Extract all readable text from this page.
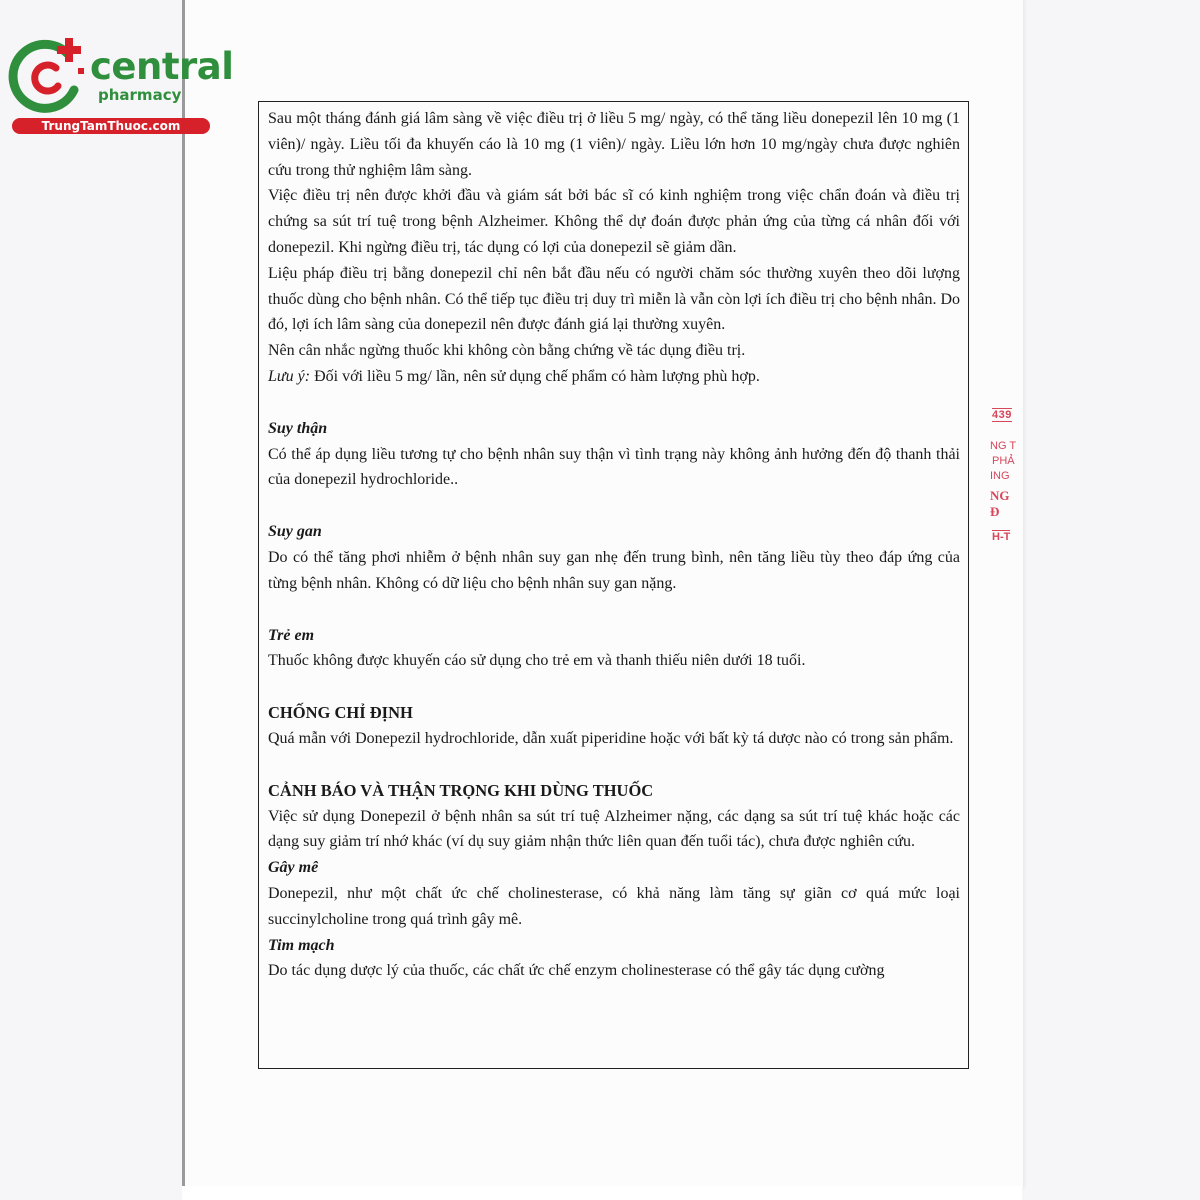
central
pharmacy
TrungTamThuoc.com	Sau một tháng đánh giá lâm sàng về việc điều trị ở liều 5 mg/ ngày, có thể tăng liều donepezil lên 10 mg (1 viên)/ ngày. Liều tối đa khuyến cáo là 10 mg (1 viên)/ ngày. Liều lớn hơn 10 mg/ngày chưa được nghiên cứu trong thử nghiệm lâm sàng.

Việc điều trị nên được khởi đầu và giám sát bởi bác sĩ có kinh nghiệm trong việc chẩn đoán và điều trị chứng sa sút trí tuệ trong bệnh Alzheimer. Không thể dự đoán được phản ứng của từng cá nhân đối với donepezil. Khi ngừng điều trị, tác dụng có lợi của donepezil sẽ giảm dần.

Liệu pháp điều trị bằng donepezil chỉ nên bắt đầu nếu có người chăm sóc thường xuyên theo dõi lượng thuốc dùng cho bệnh nhân. Có thể tiếp tục điều trị duy trì miễn là vẫn còn lợi ích điều trị cho bệnh nhân. Do đó, lợi ích lâm sàng của donepezil nên được đánh giá lại thường xuyên.

Nên cân nhắc ngừng thuốc khi không còn bằng chứng về tác dụng điều trị.

Lưu ý: Đối với liều 5 mg/ lần, nên sử dụng chế phẩm có hàm lượng phù hợp.

Suy thận

Có thể áp dụng liều tương tự cho bệnh nhân suy thận vì tình trạng này không ảnh hưởng đến độ thanh thải của donepezil hydrochloride..

Suy gan

Do có thể tăng phơi nhiễm ở bệnh nhân suy gan nhẹ đến trung bình, nên tăng liều tùy theo đáp ứng của từng bệnh nhân. Không có dữ liệu cho bệnh nhân suy gan nặng.

Trẻ em

Thuốc không được khuyến cáo sử dụng cho trẻ em và thanh thiếu niên dưới 18 tuổi.

CHỐNG CHỈ ĐỊNH

Quá mẫn với Donepezil hydrochloride, dẫn xuất piperidine hoặc với bất kỳ tá dược nào có trong sản phẩm.

CẢNH BÁO VÀ THẬN TRỌNG KHI DÙNG THUỐC

Việc sử dụng Donepezil ở bệnh nhân sa sút trí tuệ Alzheimer nặng, các dạng sa sút trí tuệ khác hoặc các dạng suy giảm trí nhớ khác (ví dụ suy giảm nhận thức liên quan đến tuổi tác), chưa được nghiên cứu.

Gây mê

Donepezil, như một chất ức chế cholinesterase, có khả năng làm tăng sự giãn cơ quá mức loại succinylcholine trong quá trình gây mê.

Tim mạch

Do tác dụng dược lý của thuốc, các chất ức chế enzym cholinesterase có thể gây tác dụng cường

439
NG T
PHẢ
ING
NG Đ
H-T
